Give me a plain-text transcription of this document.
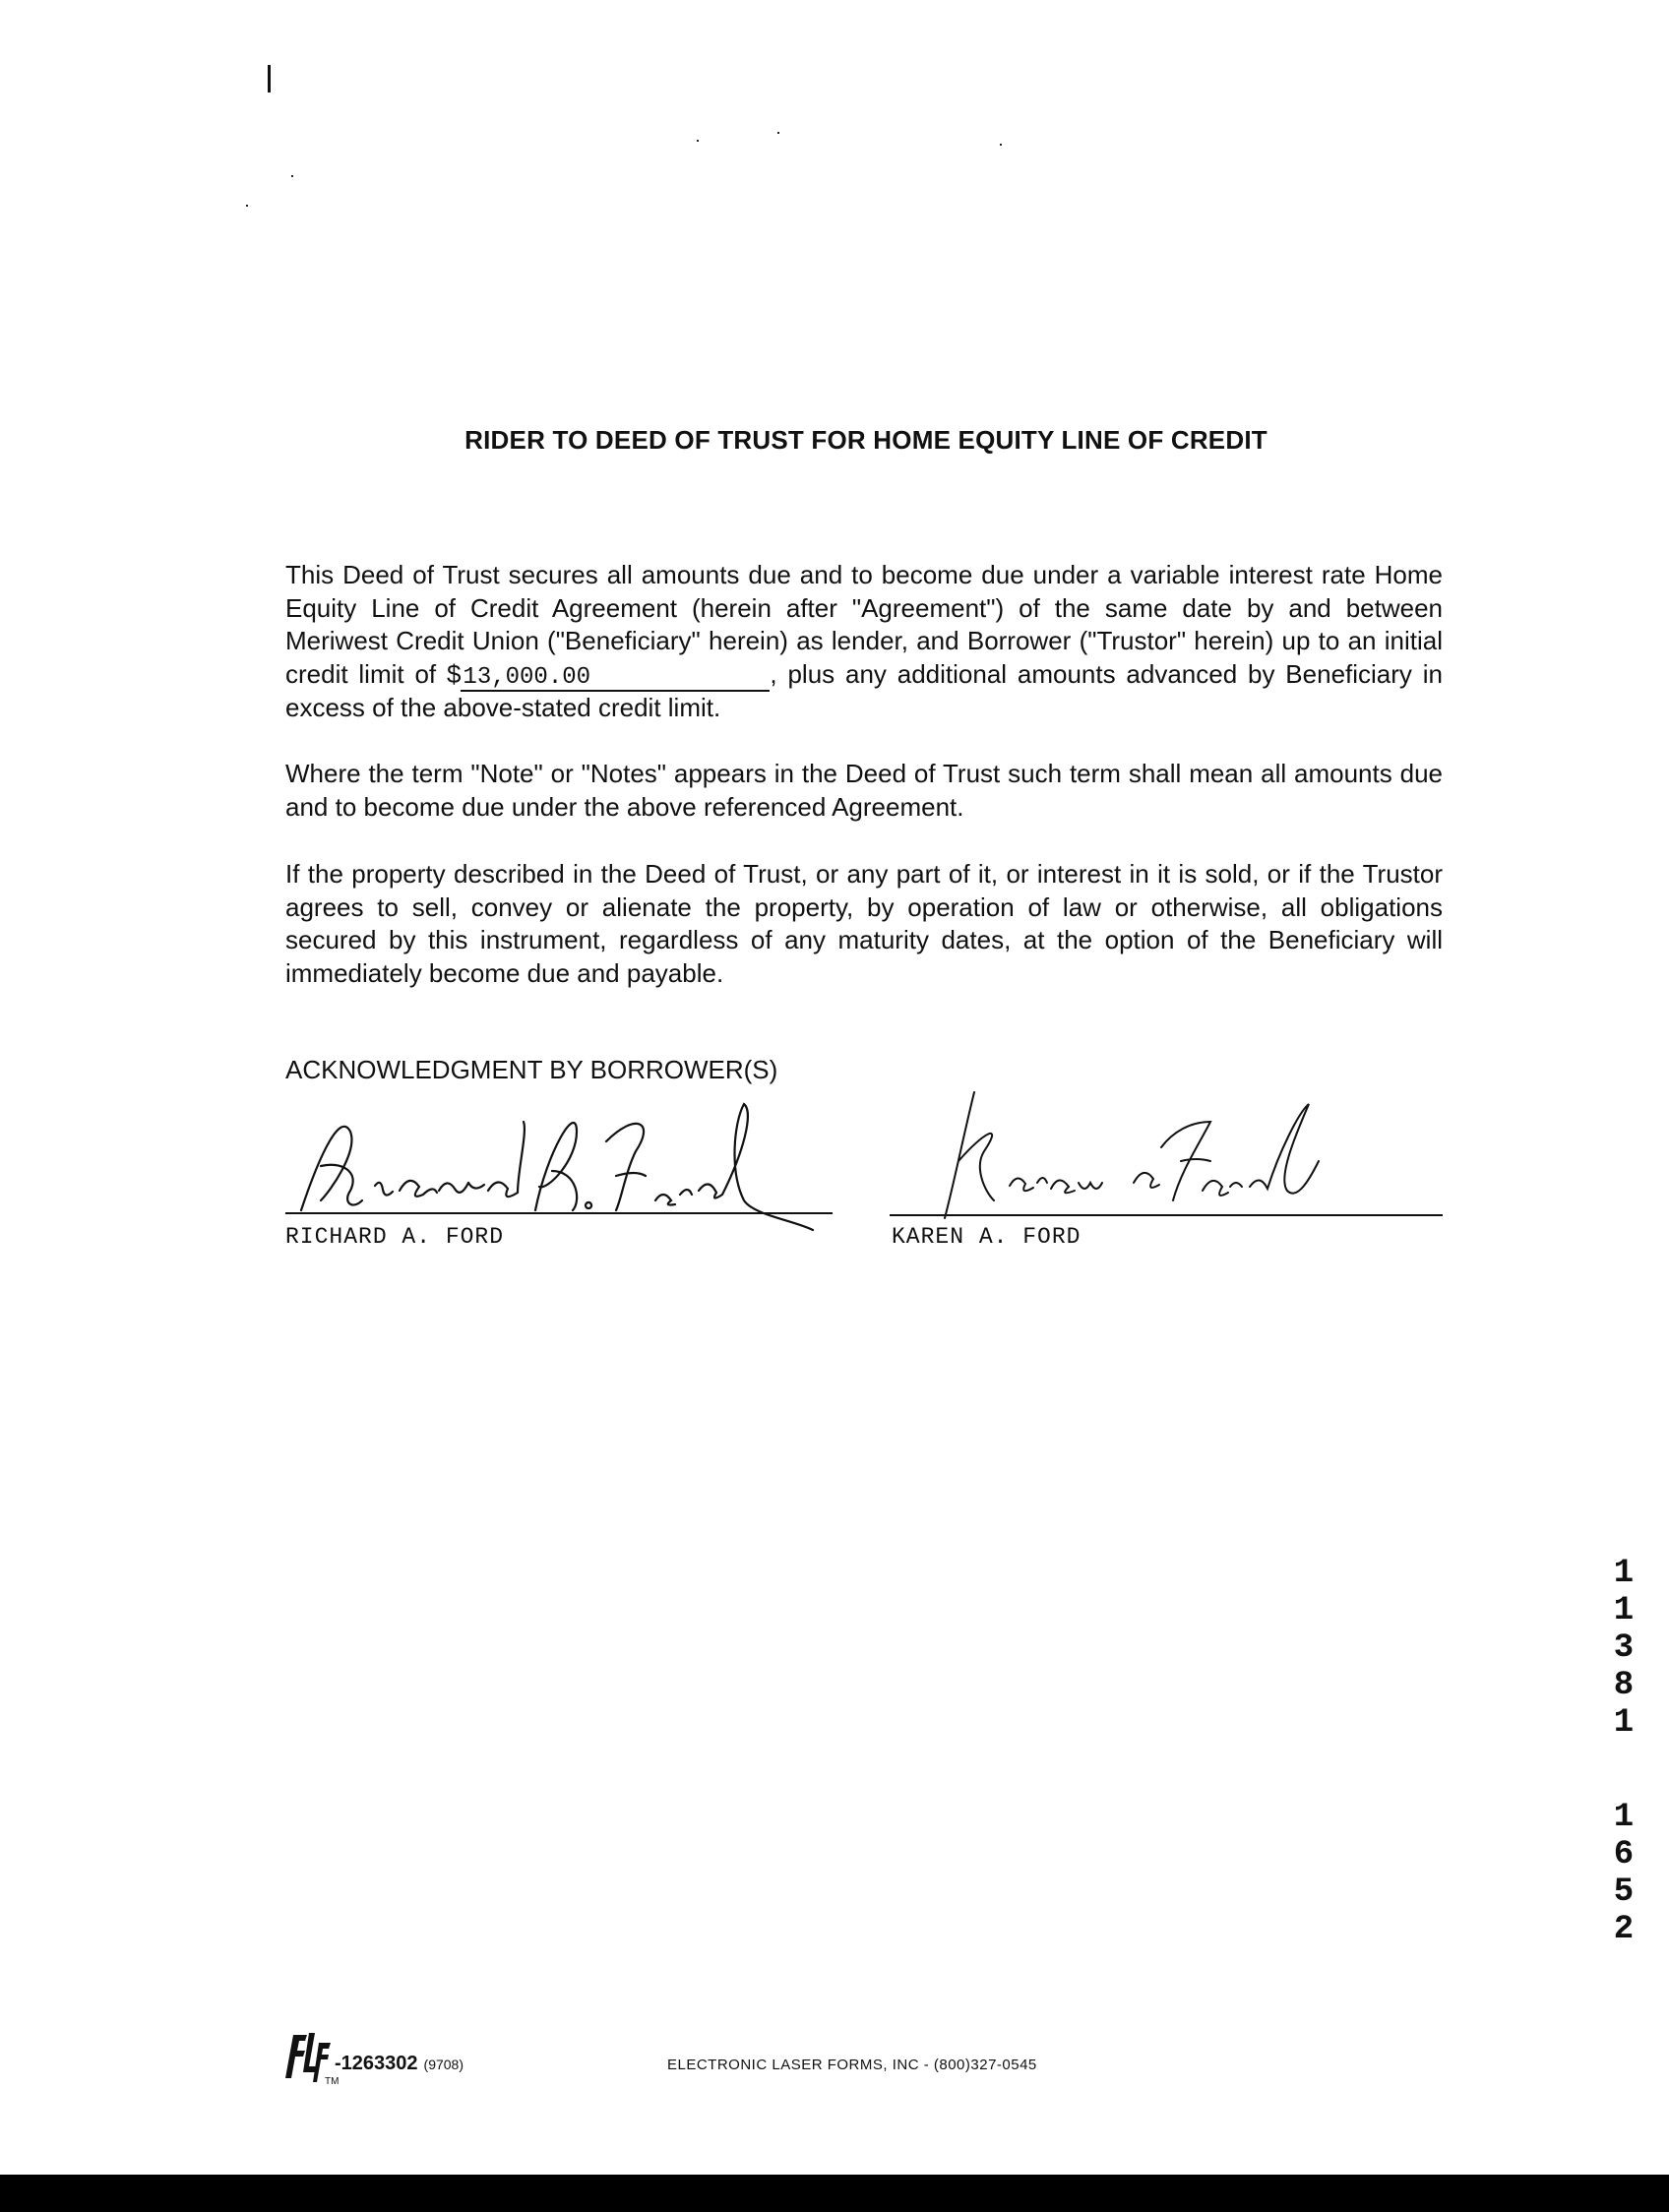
RIDER TO DEED OF TRUST FOR HOME EQUITY LINE OF CREDIT

This Deed of Trust secures all amounts due and to become due under a variable interest rate Home Equity Line of Credit Agreement (herein after "Agreement") of the same date by and between Meriwest Credit Union ("Beneficiary" herein) as lender, and Borrower ("Trustor" herein) up to an initial credit limit of $13,000.00	, plus any additional amounts advanced by Beneficiary in excess of the above-stated credit limit.

Where the term "Note" or "Notes" appears in the Deed of Trust such term shall mean all amounts due and to become due under the above referenced Agreement.

If the property described in the Deed of Trust, or any part of it, or interest in it is sold, or if the Trustor agrees to sell, convey or alienate the property, by operation of law or otherwise, all obligations secured by this instrument, regardless of any maturity dates, at the option of the Beneficiary will immediately become due and payable.

ACKNOWLEDGMENT BY BORROWER(S)
RICHARD A. FORD	KAREN A. FORD
1
1
3
8
1
1
6
5
2
TM
-1263302 (9708)	ELECTRONIC LASER FORMS, INC - (800)327-0545
